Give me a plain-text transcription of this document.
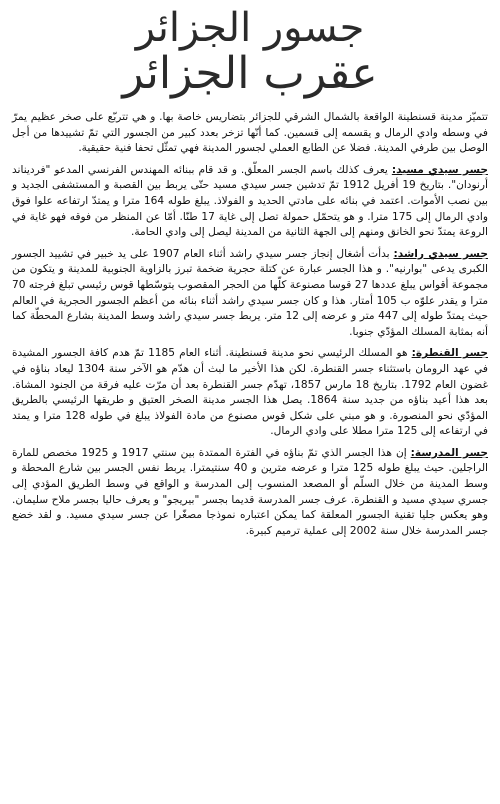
جسور الجزائر
عقرب الجزائر

تتميّز مدينة قسنطينة الواقعة بالشمال الشرقي للجزائر بتضاريس خاصة بها. و هي تتربّع على صخر عظيم يمرّ في وسطه وادي الرمال و يقسمه إلى قسمين. كما أنّها تزخر بعدد كبير من الجسور التي تمّ تشييدها من أجل الوصل بين طرفي المدينة. فضلا عن الطابع العملي لجسور المدينة فهي تمثّل تحفا فنية حقيقية.

جسر سيدي مسيد: يعرف كذلك باسم الجسر المعلّق. و قد قام ببنائه المهندس الفرنسي المدعو "فرديناند أرنودان". بتاريخ 19 أفريل 1912 تمّ تدشين جسر سيدي مسيد حتّى يربط بين القصبة و المستشفى الجديد و بين نصب الأموات. اعتمد في بنائه على مادتي الحديد و الفولاذ. يبلغ طوله 164 مترا و يمتدّ ارتفاعه علوا فوق وادي الرمال إلى 175 مترا. و هو يتحمّل حمولة تصل إلى غاية 17 طنّا. أمّا عن المنظر من فوقه فهو غاية في الروعة يمتدّ نحو الخانق ومنهم إلى الجهة الثانية من المدينة ليصل إلى وادي الحامة.

جسر سيدي راشد: بدأت أشغال إنجاز جسر سيدي راشد أثناء العام 1907 على يد خبير في تشييد الجسور الكبرى يدعى "بوارنيه". و هذا الجسر عبارة عن كتلة حجرية ضخمة تبرز بالزاوية الجنوبية للمدينة و يتكون من مجموعة أقواس يبلغ عددها 27 قوسا مصنوعة كلّها من الحجر المقصوب يتوسّطها قوس رئيسي تبلغ فرجته 70 مترا و يقدر علوّه ب 105 أمتار. هذا و كان جسر سيدي راشد أثناء بنائه من أعظم الجسور الحجرية في العالم حيث يمتدّ طوله إلى 447 متر و عرضه إلى 12 متر. يربط جسر سيدي راشد وسط المدينة بشارع المحطّة كما أنه بمثابة المسلك المؤدّي جنوبا.

جسر القنطرة: هو المسلك الرئيسي نحو مدينة قسنطينة. أثناء العام 1185 تمّ هدم كافة الجسور المشيدة في عهد الرومان باستثناء جسر القنطرة. لكن هذا الأخير ما لبث أن هدّم هو الآخر سنة 1304 ليعاد بناؤه في غضون العام 1792. بتاريخ 18 مارس 1857، تهدّم جسر القنطرة بعد أن مرّت عليه فرقة من الجنود المشاة. بعد هذا أعيد بناؤه من جديد سنة 1864. يصل هذا الجسر مدينة الصخر العتيق و طريقها الرئيسي بالطريق المؤدّي نحو المنصورة. و هو مبني على شكل قوس مصنوع من مادة الفولاذ يبلغ في طوله 128 مترا و يمتد في ارتفاعه إلى 125 مترا مطلا على وادي الرمال.

جسر المدرسة: إن هذا الجسر الذي تمّ بناؤه في الفترة الممتدة بين سنتي 1917 و 1925 مخصص للمارة الراجلين. حيث يبلغ طوله 125 مترا و عرضه مترين و 40 سنتيمترا. يربط نفس الجسر بين شارع المحطة و وسط المدينة من خلال السلّم أو المصعد المنسوب إلى المدرسة و الواقع في وسط الطريق المؤدي إلى جسري سيدي مسيد و القنطرة. عرف جسر المدرسة قديما بجسر "بيريجو" و يعرف حاليا بجسر ملاح سليمان. وهو يعكس جليا تقنية الجسور المعلقة كما يمكن اعتباره نموذجا مصغّرا عن جسر سيدي مسيد. و لقد خضع جسر المدرسة خلال سنة 2002 إلى عملية ترميم كبيرة.
